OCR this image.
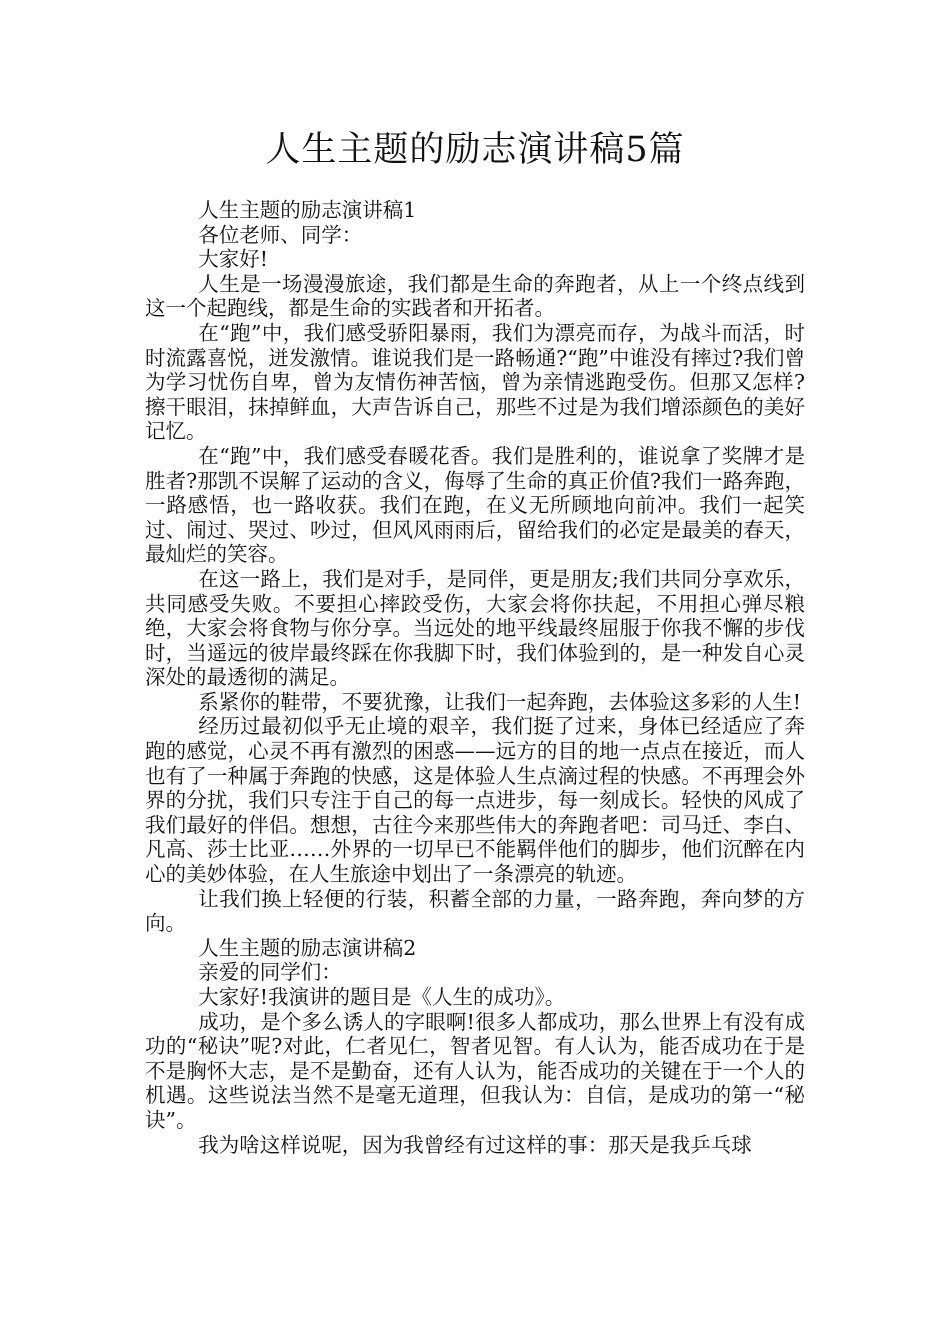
人生主题的励志演讲稿5篇

人生主题的励志演讲稿1

各位老师、同学：

大家好!

人生是一场漫漫旅途，我们都是生命的奔跑者，从上一个终点线到这一个起跑线，都是生命的实践者和开拓者。

在“跑”中，我们感受骄阳暴雨，我们为漂亮而存，为战斗而活，时时流露喜悦，迸发激情。谁说我们是一路畅通?“跑”中谁没有摔过?我们曾为学习忧伤自卑，曾为友情伤神苦恼，曾为亲情逃跑受伤。但那又怎样?擦干眼泪，抹掉鲜血，大声告诉自己，那些不过是为我们增添颜色的美好记忆。

在“跑”中，我们感受春暖花香。我们是胜利的，谁说拿了奖牌才是胜者?那凯不误解了运动的含义，侮辱了生命的真正价值?我们一路奔跑，一路感悟，也一路收获。我们在跑，在义无所顾地向前冲。我们一起笑过、闹过、哭过、吵过，但风风雨雨后，留给我们的必定是最美的春天，最灿烂的笑容。

在这一路上，我们是对手，是同伴，更是朋友;我们共同分享欢乐，共同感受失败。不要担心摔跤受伤，大家会将你扶起，不用担心弹尽粮绝，大家会将食物与你分享。当远处的地平线最终屈服于你我不懈的步伐时，当遥远的彼岸最终踩在你我脚下时，我们体验到的，是一种发自心灵深处的最透彻的满足。

系紧你的鞋带，不要犹豫，让我们一起奔跑，去体验这多彩的人生!

经历过最初似乎无止境的艰辛，我们挺了过来，身体已经适应了奔跑的感觉，心灵不再有激烈的困惑——远方的目的地一点点在接近，而人也有了一种属于奔跑的快感，这是体验人生点滴过程的快感。不再理会外界的分扰，我们只专注于自己的每一点进步，每一刻成长。轻快的风成了我们最好的伴侣。想想，古往今来那些伟大的奔跑者吧：司马迁、李白、凡高、莎士比亚……外界的一切早已不能羁伴他们的脚步，他们沉醉在内心的美妙体验，在人生旅途中划出了一条漂亮的轨迹。

让我们换上轻便的行装，积蓄全部的力量，一路奔跑，奔向梦的方向。

人生主题的励志演讲稿2

亲爱的同学们：

大家好!我演讲的题目是《人生的成功》。

成功，是个多么诱人的字眼啊!很多人都成功，那么世界上有没有成功的“秘诀”呢?对此，仁者见仁，智者见智。有人认为，能否成功在于是不是胸怀大志，是不是勤奋，还有人认为，能否成功的关键在于一个人的机遇。这些说法当然不是毫无道理，但我认为：自信，是成功的第一“秘诀”。

我为啥这样说呢，因为我曾经有过这样的事：那天是我乒乓球
